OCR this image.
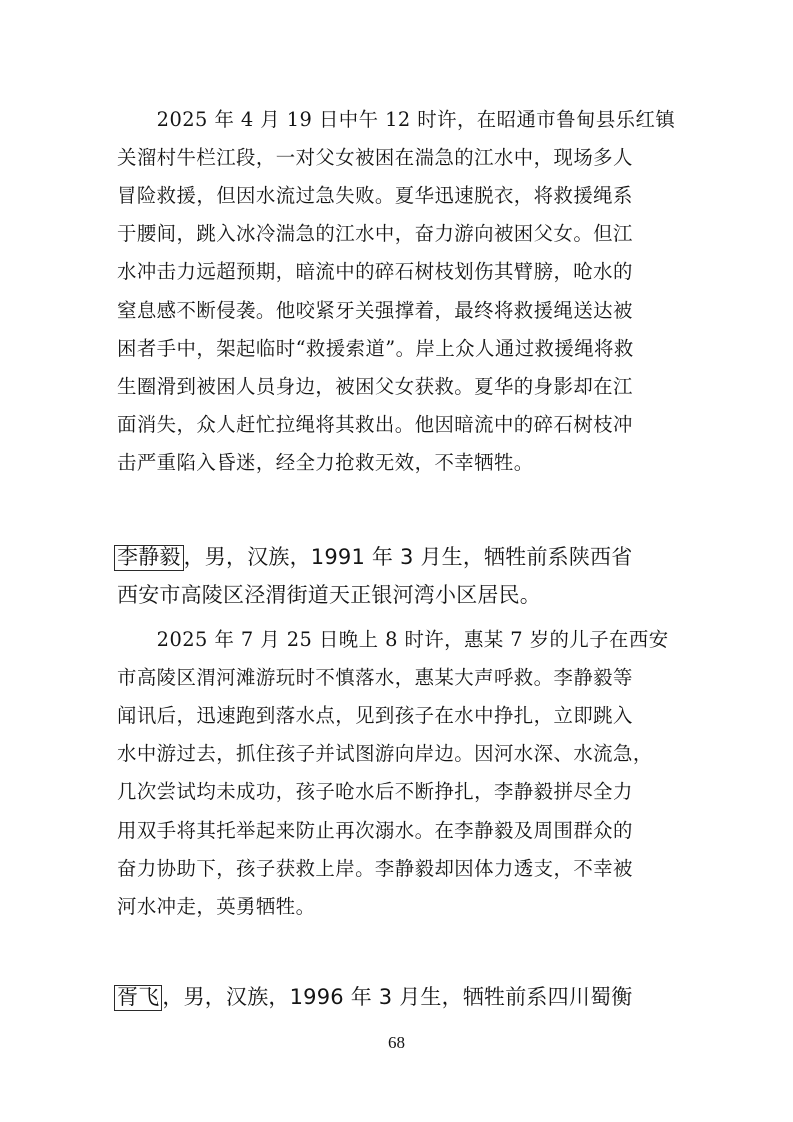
　　2025 年 4 月 19 日中午 12 时许，在昭通市鲁甸县乐红镇

关溜村牛栏江段，一对父女被困在湍急的江水中，现场多人

冒险救援，但因水流过急失败。夏华迅速脱衣，将救援绳系

于腰间，跳入冰冷湍急的江水中，奋力游向被困父女。但江

水冲击力远超预期，暗流中的碎石树枝划伤其臂膀，呛水的

窒息感不断侵袭。他咬紧牙关强撑着，最终将救援绳送达被

困者手中，架起临时“救援索道”。岸上众人通过救援绳将救

生圈滑到被困人员身边，被困父女获救。夏华的身影却在江

面消失，众人赶忙拉绳将其救出。他因暗流中的碎石树枝冲

击严重陷入昏迷，经全力抢救无效，不幸牺牲。

李静毅 ，男，汉族，1991 年 3 月生，牺牲前系陕西省

西安市高陵区泾渭街道天正银河湾小区居民。

　　2025 年 7 月 25 日晚上 8 时许，惠某 7 岁的儿子在西安

市高陵区渭河滩游玩时不慎落水，惠某大声呼救。李静毅等

闻讯后，迅速跑到落水点，见到孩子在水中挣扎，立即跳入

水中游过去，抓住孩子并试图游向岸边。因河水深、水流急，

几次尝试均未成功，孩子呛水后不断挣扎，李静毅拼尽全力

用双手将其托举起来防止再次溺水。在李静毅及周围群众的

奋力协助下，孩子获救上岸。李静毅却因体力透支，不幸被

河水冲走，英勇牺牲。

胥飞 ，男，汉族，1996 年 3 月生，牺牲前系四川蜀衡

68
